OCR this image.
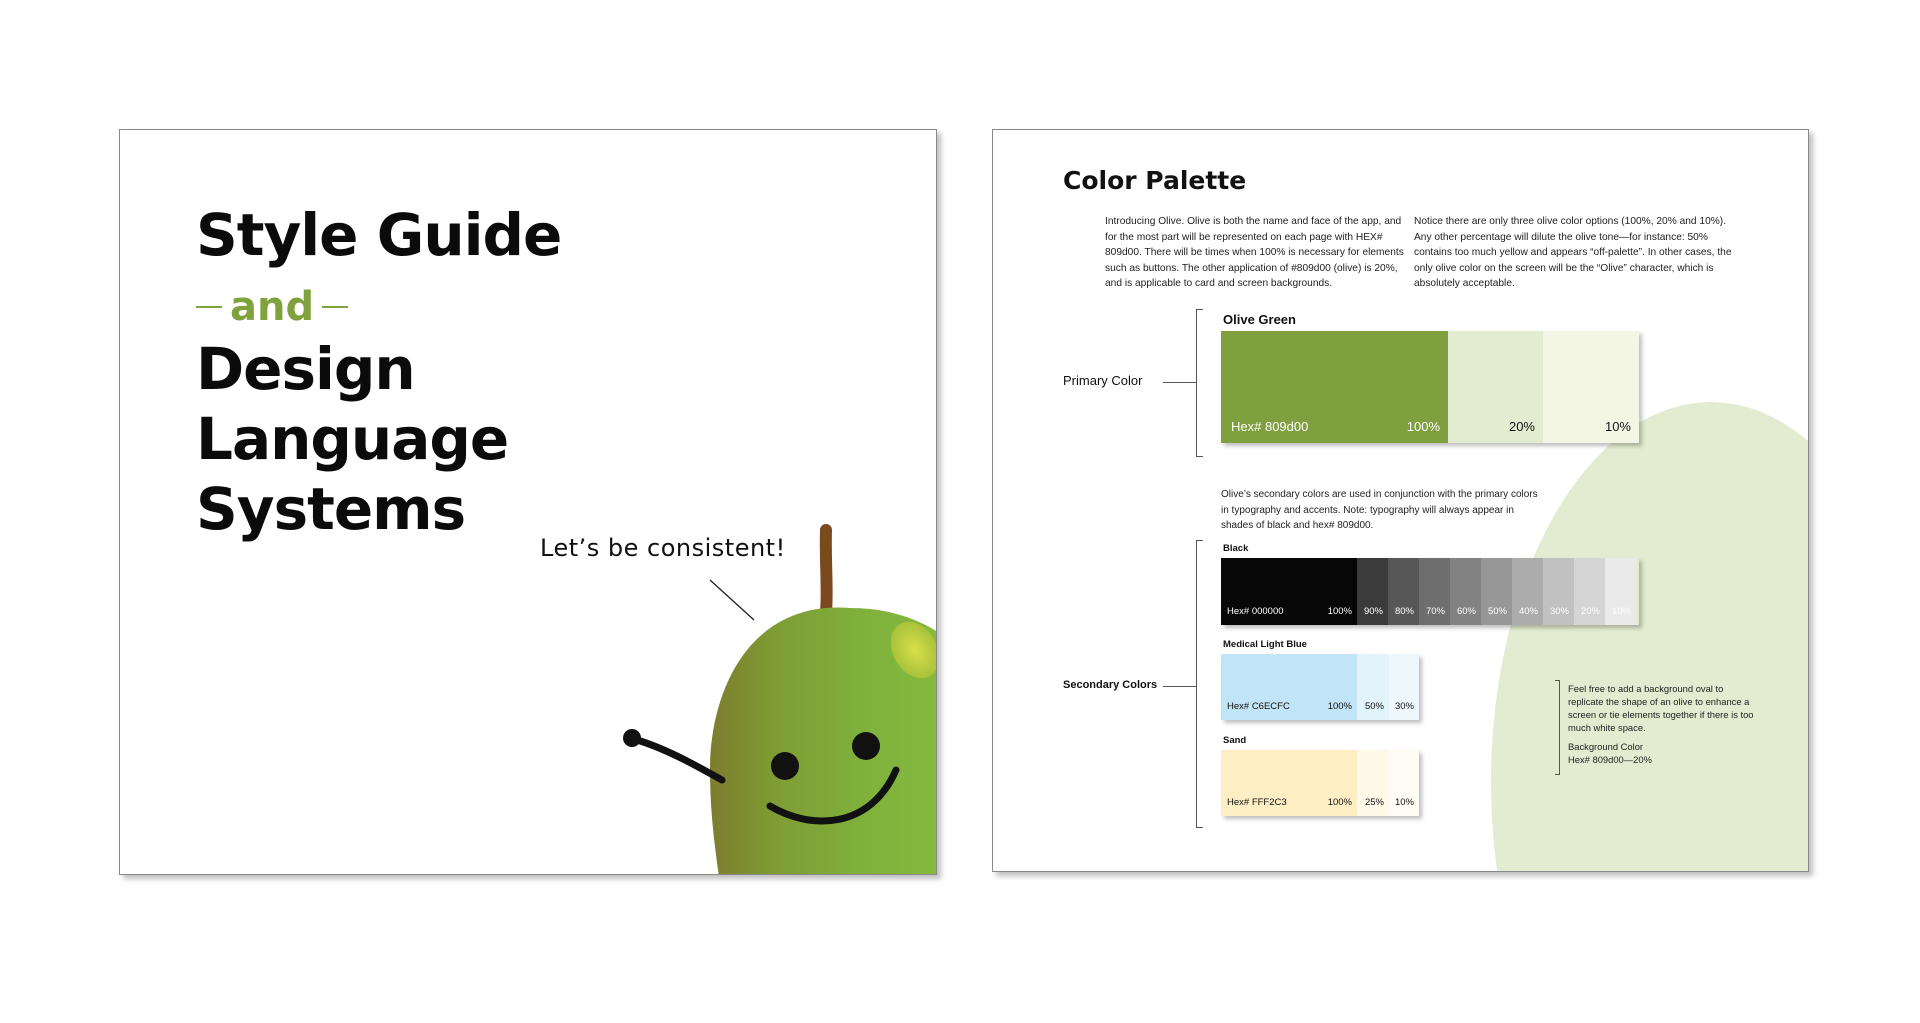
Style Guide
and
Design
Language
Systems
Let’s be consistent!
Color Palette
Introducing Olive. Olive is both the name and face of the app, and for the most part will be represented on each page with HEX# 809d00. There will be times when 100% is necessary for elements such as buttons. The other application of #809d00 (olive) is 20%, and is applicable to card and screen backgrounds.
Notice there are only three olive color options (100%, 20% and 10%). Any other percentage will dilute the olive tone—for instance: 50% contains too much yellow and appears “off-palette”. In other cases, the only olive color on the screen will be the “Olive” character, which is absolutely acceptable.
Primary Color
Olive Green
Hex# 809d00	100%	20%	10%
Olive’s secondary colors are used in conjunction with the primary colors in typography and accents. Note: typography will always appear in shades of black and hex# 809d00.
Secondary Colors
Black
Hex# 000000	100% 90% 80% 70% 60% 50% 40% 30% 20% 10%
Medical Light Blue
Hex# C6ECFC	100% 50% 30%
Sand
Hex# FFF2C3	100% 25% 10%
Feel free to add a background oval to replicate the shape of an olive to enhance a screen or tie elements together if there is too much white space.
Background Color
Hex# 809d00—20%
